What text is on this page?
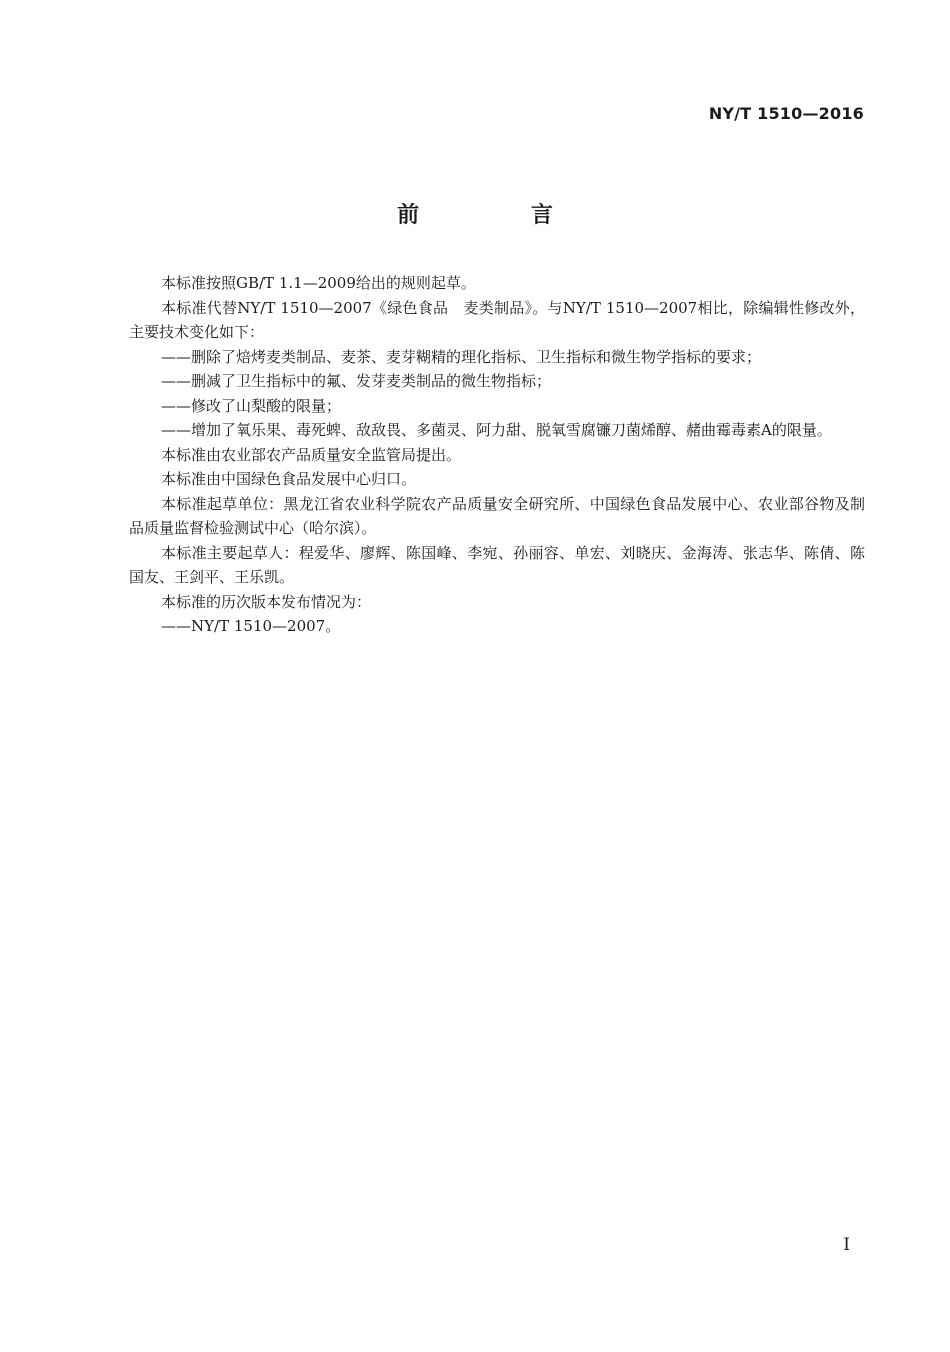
NY/T 1510—2016
前 言

本标准按照GB/T 1.1—2009给出的规则起草。

本标准代替NY/T 1510—2007《绿色食品　麦类制品》。与NY/T 1510—2007相比，除编辑性修改外，主要技术变化如下：

——删除了焙烤麦类制品、麦茶、麦芽糊精的理化指标、卫生指标和微生物学指标的要求；

——删减了卫生指标中的氟、发芽麦类制品的微生物指标；

——修改了山梨酸的限量；

——增加了氧乐果、毒死蜱、敌敌畏、多菌灵、阿力甜、脱氧雪腐镰刀菌烯醇、赭曲霉毒素A的限量。

本标准由农业部农产品质量安全监管局提出。

本标准由中国绿色食品发展中心归口。

本标准起草单位：黑龙江省农业科学院农产品质量安全研究所、中国绿色食品发展中心、农业部谷物及制品质量监督检验测试中心（哈尔滨）。

本标准主要起草人：程爱华、廖辉、陈国峰、李宛、孙丽容、单宏、刘晓庆、金海涛、张志华、陈倩、陈国友、王剑平、王乐凯。

本标准的历次版本发布情况为：

——NY/T 1510—2007。

I
